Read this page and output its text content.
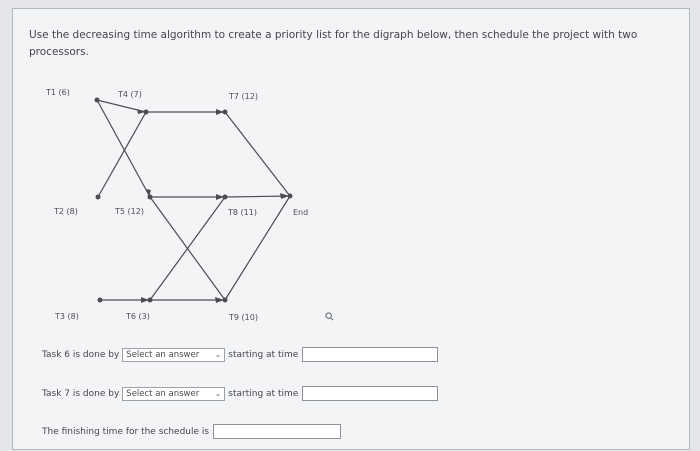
Use the decreasing time algorithm to create a priority list for the digraph below, then schedule the project with two processors.
T1 (6)	T4 (7)	T7 (12)
T2 (8)	T5 (12)	T8 (11)	End
T3 (8)	T6 (3)	T9 (10)
Task 6 is done by Select an answer ⌄ starting at time
Task 7 is done by Select an answer ⌄ starting at time
The finishing time for the schedule is
